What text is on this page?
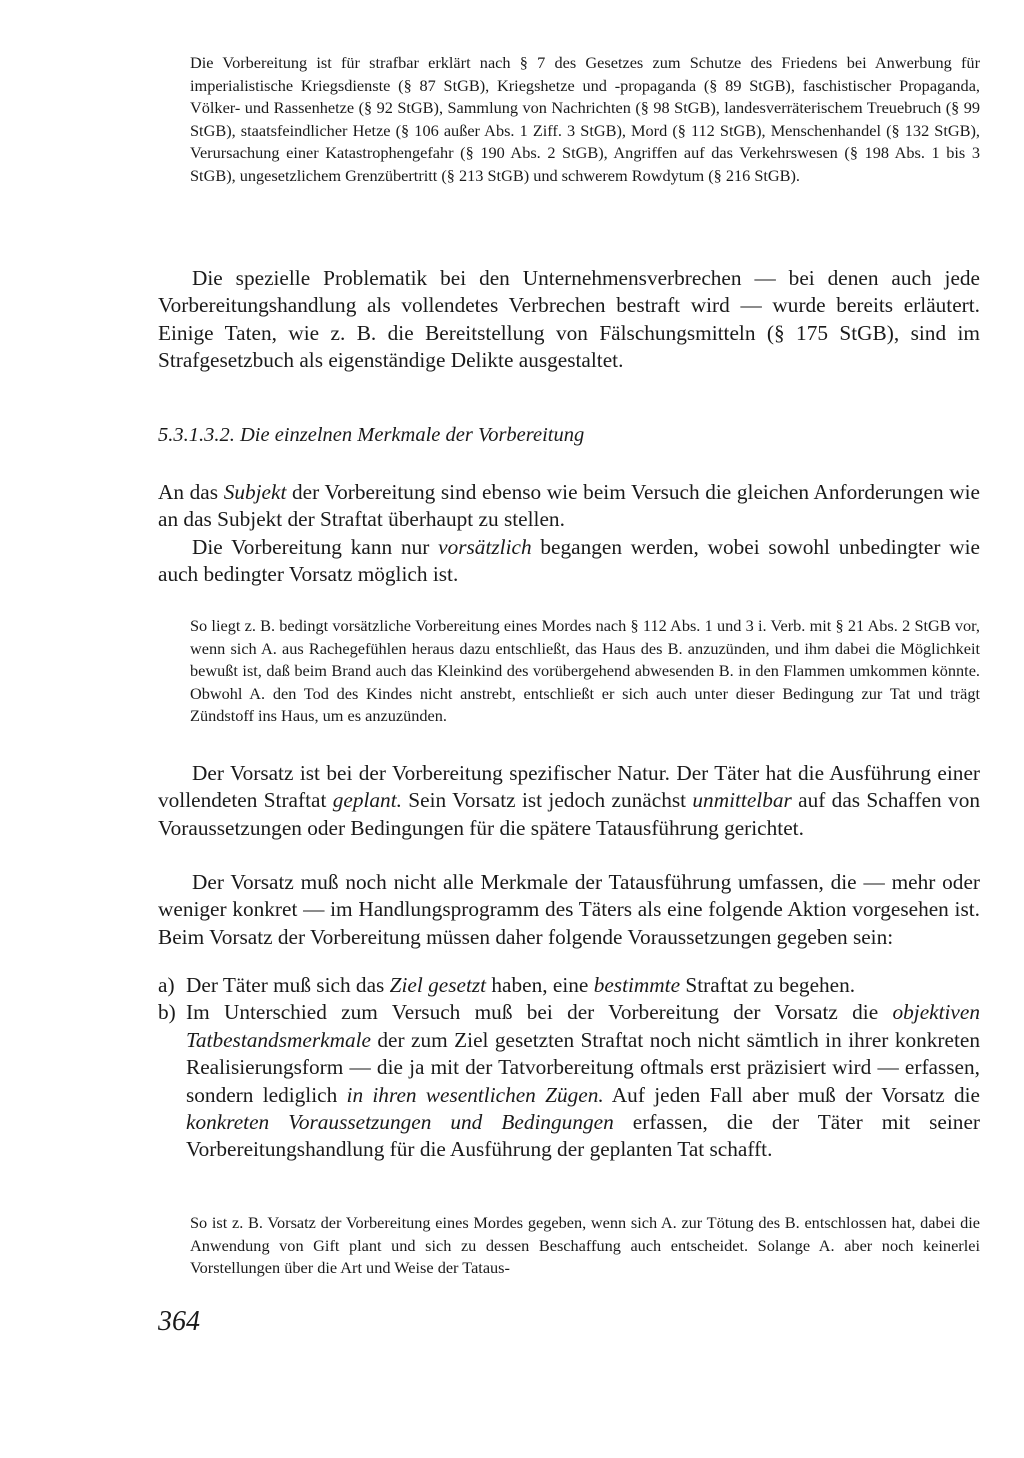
Die Vorbereitung ist für strafbar erklärt nach § 7 des Gesetzes zum Schutze des Friedens bei Anwerbung für imperialistische Kriegsdienste (§ 87 StGB), Kriegshetze und -propaganda (§ 89 StGB), faschistischer Propaganda, Völker- und Rassenhetze (§ 92 StGB), Sammlung von Nachrichten (§ 98 StGB), landesverräterischem Treuebruch (§ 99 StGB), staatsfeindlicher Hetze (§ 106 außer Abs. 1 Ziff. 3 StGB), Mord (§ 112 StGB), Menschenhandel (§ 132 StGB), Verursachung einer Katastrophengefahr (§ 190 Abs. 2 StGB), Angriffen auf das Verkehrswesen (§ 198 Abs. 1 bis 3 StGB), ungesetzlichem Grenzübertritt (§ 213 StGB) und schwerem Rowdytum (§ 216 StGB).

Die spezielle Problematik bei den Unternehmensverbrechen — bei denen auch jede Vorbereitungshandlung als vollendetes Verbrechen bestraft wird — wurde bereits erläutert. Einige Taten, wie z. B. die Bereitstellung von Fälschungsmitteln (§ 175 StGB), sind im Strafgesetzbuch als eigenständige Delikte ausgestaltet.

5.3.1.3.2. Die einzelnen Merkmale der Vorbereitung

An das Subjekt der Vorbereitung sind ebenso wie beim Versuch die gleichen Anforderungen wie an das Subjekt der Straftat überhaupt zu stellen.

Die Vorbereitung kann nur vorsätzlich begangen werden, wobei sowohl unbedingter wie auch bedingter Vorsatz möglich ist.

So liegt z. B. bedingt vorsätzliche Vorbereitung eines Mordes nach § 112 Abs. 1 und 3 i. Verb. mit § 21 Abs. 2 StGB vor, wenn sich A. aus Rachegefühlen heraus dazu entschließt, das Haus des B. anzuzünden, und ihm dabei die Möglichkeit bewußt ist, daß beim Brand auch das Kleinkind des vorübergehend abwesenden B. in den Flammen umkommen könnte. Obwohl A. den Tod des Kindes nicht anstrebt, entschließt er sich auch unter dieser Bedingung zur Tat und trägt Zündstoff ins Haus, um es anzuzünden.

Der Vorsatz ist bei der Vorbereitung spezifischer Natur. Der Täter hat die Ausführung einer vollendeten Straftat geplant. Sein Vorsatz ist jedoch zunächst unmittelbar auf das Schaffen von Voraussetzungen oder Bedingungen für die spätere Tatausführung gerichtet.

Der Vorsatz muß noch nicht alle Merkmale der Tatausführung umfassen, die — mehr oder weniger konkret — im Handlungsprogramm des Täters als eine folgende Aktion vorgesehen ist. Beim Vorsatz der Vorbereitung müssen daher folgende Voraussetzungen gegeben sein:

a) Der Täter muß sich das Ziel gesetzt haben, eine bestimmte Straftat zu begehen.
b) Im Unterschied zum Versuch muß bei der Vorbereitung der Vorsatz die objektiven Tatbestandsmerkmale der zum Ziel gesetzten Straftat noch nicht sämtlich in ihrer konkreten Realisierungsform — die ja mit der Tatvorbereitung oftmals erst präzisiert wird — erfassen, sondern lediglich in ihren wesentlichen Zügen. Auf jeden Fall aber muß der Vorsatz die konkreten Voraussetzungen und Bedingungen erfassen, die der Täter mit seiner Vorbereitungshandlung für die Ausführung der geplanten Tat schafft.

So ist z. B. Vorsatz der Vorbereitung eines Mordes gegeben, wenn sich A. zur Tötung des B. entschlossen hat, dabei die Anwendung von Gift plant und sich zu dessen Beschaffung auch entscheidet. Solange A. aber noch keinerlei Vorstellungen über die Art und Weise der Tataus-

364
